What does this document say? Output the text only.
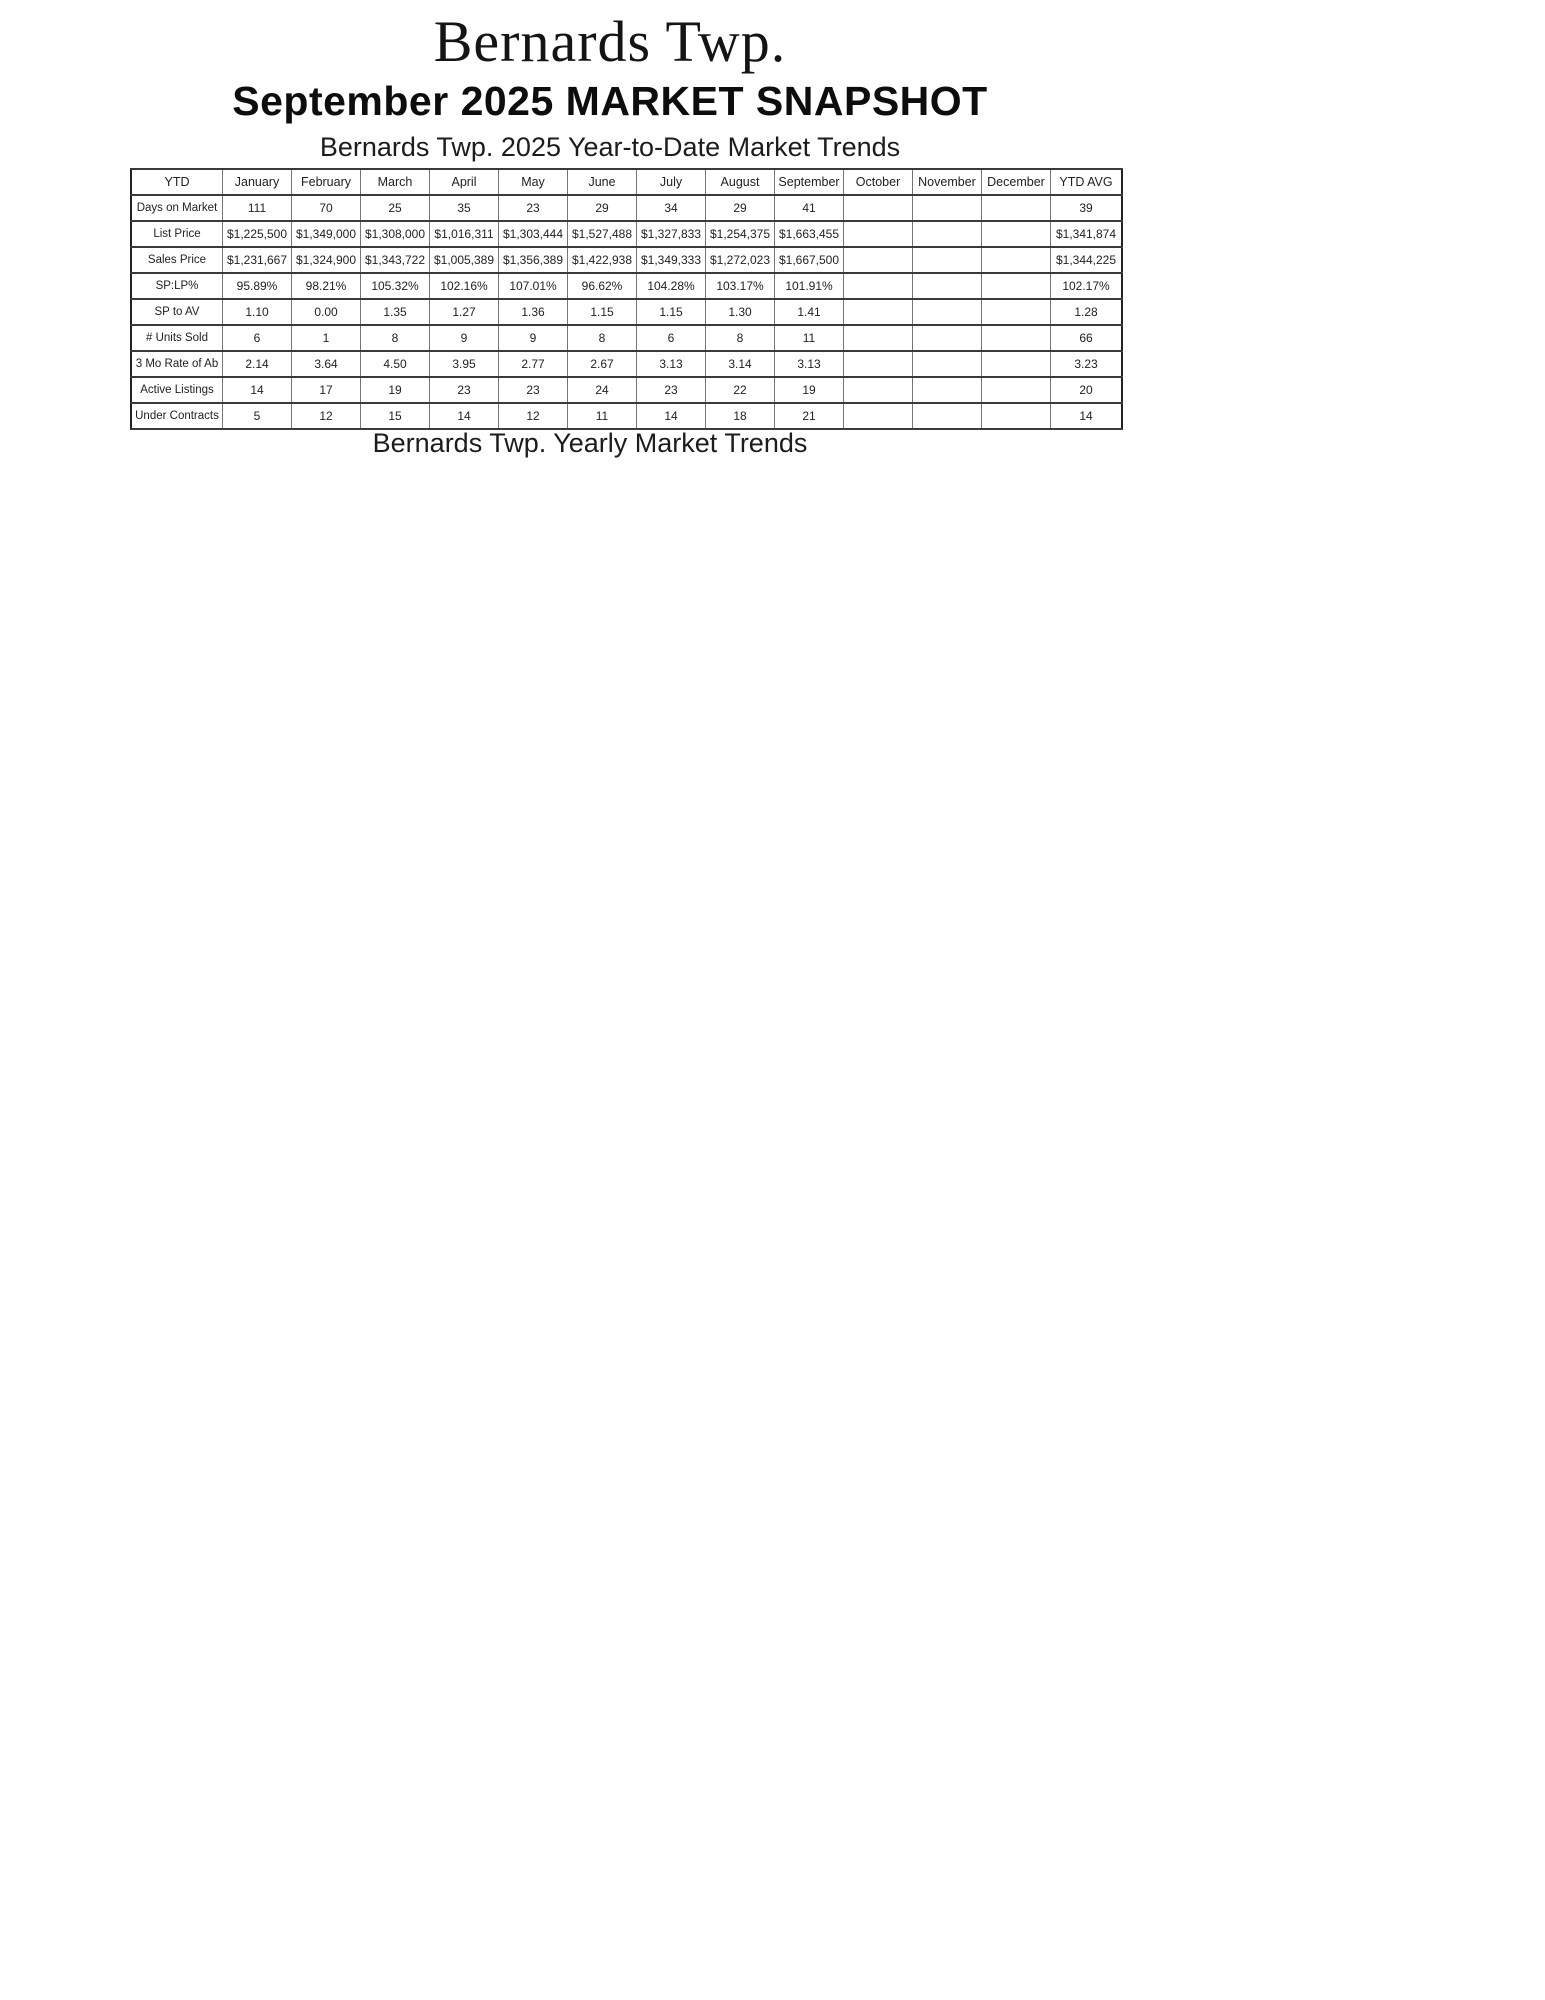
Bernards Twp.
September 2025 MARKET SNAPSHOT
Bernards Twp. 2025 Year-to-Date Market Trends
YTD	January	February	March	April	May	June	July	August	September	October	November	December	YTD AVG
Days on Market	111	70	25	35	23	29	34	29	41				39
List Price	$1,225,500	$1,349,000	$1,308,000	$1,016,311	$1,303,444	$1,527,488	$1,327,833	$1,254,375	$1,663,455				$1,341,874
Sales Price	$1,231,667	$1,324,900	$1,343,722	$1,005,389	$1,356,389	$1,422,938	$1,349,333	$1,272,023	$1,667,500				$1,344,225
SP:LP%	95.89%	98.21%	105.32%	102.16%	107.01%	96.62%	104.28%	103.17%	101.91%				102.17%
SP to AV	1.10	0.00	1.35	1.27	1.36	1.15	1.15	1.30	1.41				1.28
# Units Sold	6	1	8	9	9	8	6	8	11				66
3 Mo Rate of Ab	2.14	3.64	4.50	3.95	2.77	2.67	3.13	3.14	3.13				3.23
Active Listings	14	17	19	23	23	24	23	22	19				20
Under Contracts	5	12	15	14	12	11	14	18	21				14
Bernards Twp. Yearly Market Trends
